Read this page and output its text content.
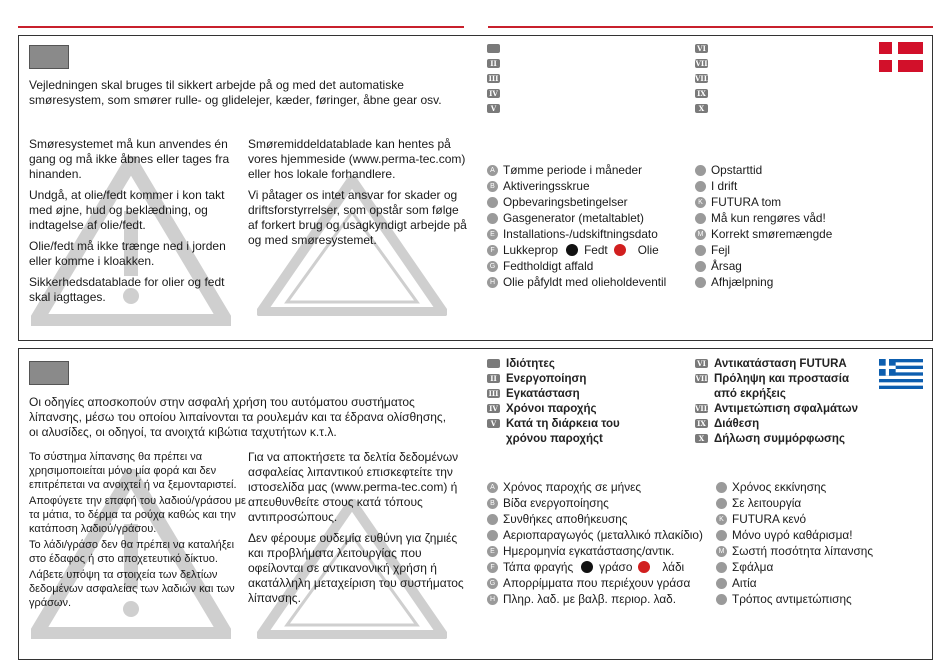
Vejledningen skal bruges til sikkert arbejde på og med det automatiske smøresystem, som smører rulle- og glidelejer, kæder, føringer, åbne gear osv.

Smøresystemet må kun anvendes én gang og må ikke åbnes eller tages fra hinanden.

Undgå, at olie/fedt kommer i kon takt med øjne, hud og beklædning, og indtagelse af olie/fedt.

Olie/fedt må ikke trænge ned i jorden eller komme i kloakken.

Sikkerhedsdatablade for olier og fedt skal iagttages.

Smøremiddeldatablade kan hentes på vores hjemmeside (www.perma-tec.com) eller hos lokale forhandlere.

Vi påtager os intet ansvar for skader og driftsforstyrrelser, som opstår som følge af forkert brug og usagkyndigt arbejde på og med smøresystemet.

II
III
IV
V
VI
VII
VIII
IX
X
A Tømme periode i måneder
B Aktiveringsskrue
Opbevaringsbetingelser
Gasgenerator (metaltablet)
E Installations-/udskiftningsdato
F Lukkeprop Fedt	Olie
G Fedtholdigt affald
H Olie påfyldt med olieholdeventil
Opstarttid
I drift
K FUTURA tom
Må kun rengøres våd!
M Korrekt smøremængde
Fejl
Årsag
Afhjælpning
Οι οδηγίες αποσκοπούν στην ασφαλή χρήση του αυτόματου συστήματος λίπανσης, μέσω του οποίου λιπαίνονται τα ρουλεμάν και τα έδρανα ολίσθησης, οι αλυσίδες, οι οδηγοί, τα ανοιχτά κιβώτια ταχυτήτων κ.τ.λ.

Το σύστημα λίπανσης θα πρέπει να χρησιμοποιείται μόνο μία φορά και δεν επιτρέπεται να ανοιχτεί ή να ξεμονταριστεί.

Αποφύγετε την επαφή του λαδιού/γράσου με τα μάτια, το δέρμα τα ρούχα καθώς και την κατάποση λαδιού/γράσου.

Το λάδι/γράσο δεν θα πρέπει να καταλήξει στο έδαφος ή στο αποχετευτικό δίκτυο.

Λάβετε υπόψη τα στοιχεία των δελτίων δεδομένων ασφαλείας των λαδιών και των γράσων.

Για να αποκτήσετε τα δελτία δεδομένων ασφαλείας λιπαντικού επισκεφτείτε την ιστοσελίδα μας (www.perma-tec.com) ή απευθυνθείτε στους κατά τόπους αντιπροσώπους.

Δεν φέρουμε ουδεμία ευθύνη για ζημιές και προβλήματα λειτουργίας που οφείλονται σε αντικανονική χρήση ή ακατάλληλη μεταχείριση του συστήματος λίπανσης.

Ιδιότητες
II Ενεργοποίηση
III Εγκατάσταση
IV Χρόνοι παροχής
V Κατά τη διάρκεια του
χρόνου παροχήςt
VI Αντικατάσταση FUTURA
VII Πρόληψη και προστασία
από εκρήξεις
VIII Αντιμετώπιση σφαλμάτων
IX Διάθεση
X Δήλωση συμμόρφωσης
A Χρόνος παροχής σε μήνες
B Βίδα ενεργοποίησης
Συνθήκες αποθήκευσης
Αεριοπαραγωγός (μεταλλικό πλακίδιο)
E Ημερομηνία εγκατάστασης/αντικ.
F Τάπα φραγής γράσο	λάδι
G Απορρίμματα που περιέχουν γράσα
H Πληρ. λαδ. με βαλβ. περιορ. λαδ.
Χρόνος εκκίνησης
Σε λειτουργία
K FUTURA κενό
Μόνο υγρό καθάρισμα!
M Σωστή ποσότητα λίπανσης
Σφάλμα
Αιτία
Τρόπος αντιμετώπισης
